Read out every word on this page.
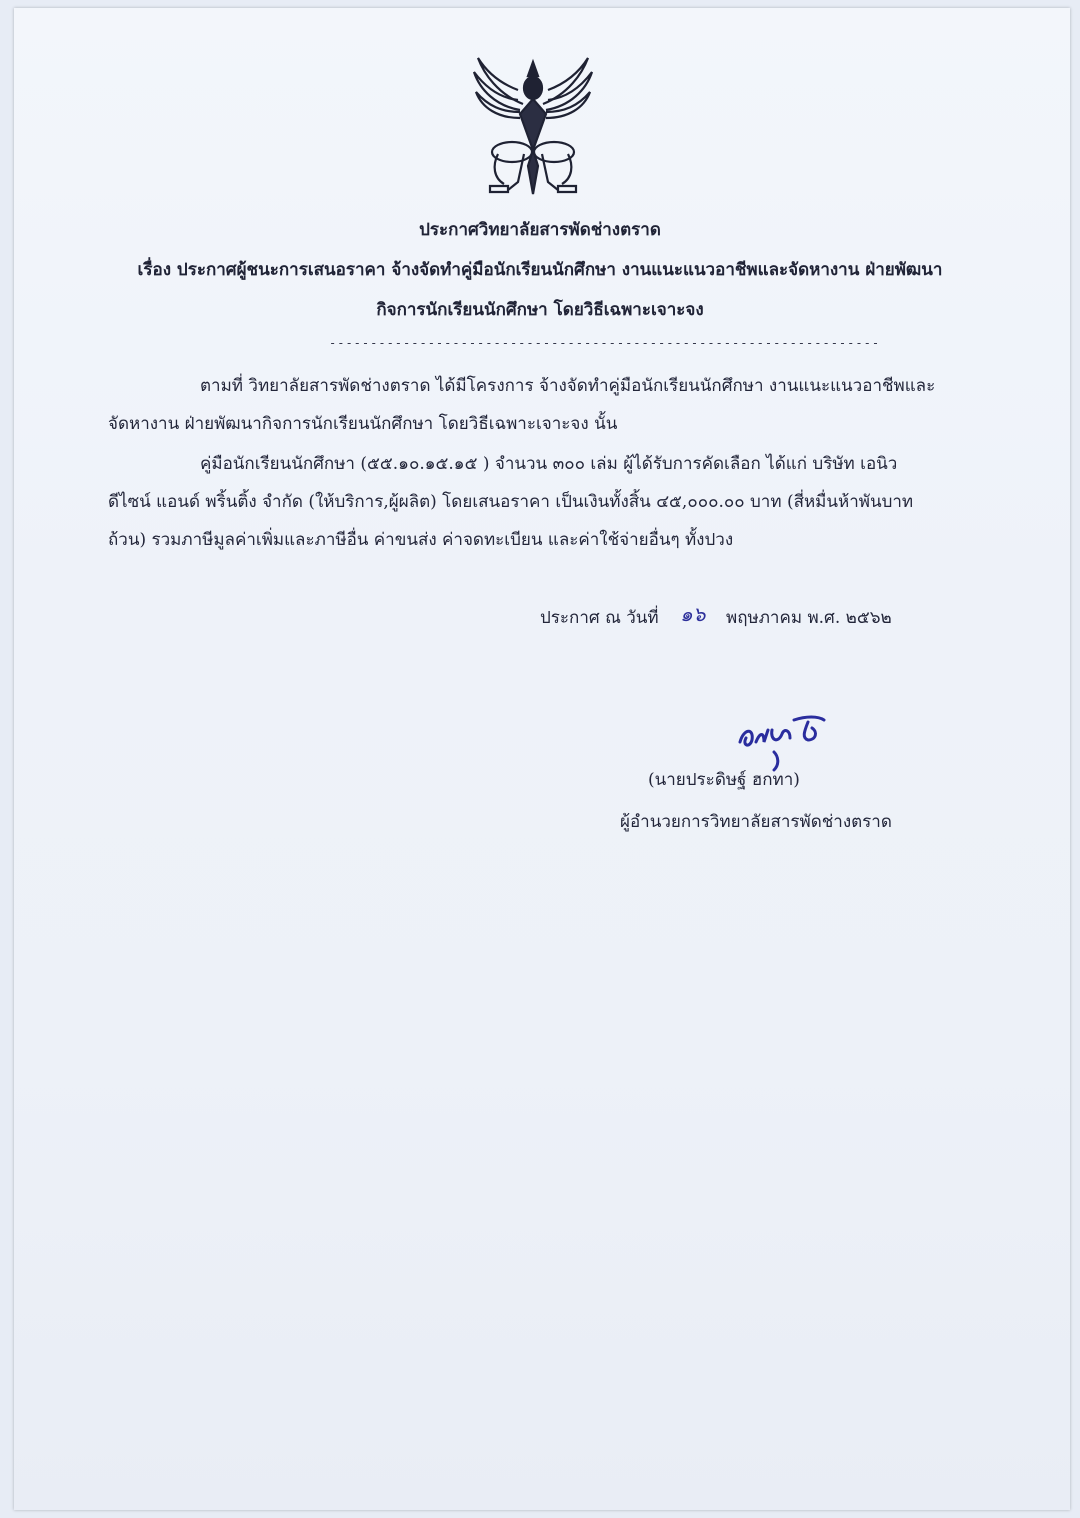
ประกาศวิทยาลัยสารพัดช่างตราด
เรื่อง ประกาศผู้ชนะการเสนอราคา จ้างจัดทำคู่มือนักเรียนนักศึกษา งานแนะแนวอาชีพและจัดหางาน ฝ่ายพัฒนา
กิจการนักเรียนนักศึกษา โดยวิธีเฉพาะเจาะจง
-------------------------------------------------------------------
ตามที่ วิทยาลัยสารพัดช่างตราด ได้มีโครงการ จ้างจัดทำคู่มือนักเรียนนักศึกษา งานแนะแนวอาชีพและ
จัดหางาน ฝ่ายพัฒนากิจการนักเรียนนักศึกษา โดยวิธีเฉพาะเจาะจง นั้น
คู่มือนักเรียนนักศึกษา (๕๕.๑๐.๑๕.๑๕ ) จำนวน ๓๐๐ เล่ม ผู้ได้รับการคัดเลือก ได้แก่ บริษัท เอนิว
ดีไซน์ แอนด์ พริ้นติ้ง จำกัด (ให้บริการ,ผู้ผลิต) โดยเสนอราคา เป็นเงินทั้งสิ้น ๔๕,๐๐๐.๐๐ บาท (สี่หมื่นห้าพันบาท
ถ้วน) รวมภาษีมูลค่าเพิ่มและภาษีอื่น ค่าขนส่ง ค่าจดทะเบียน และค่าใช้จ่ายอื่นๆ ทั้งปวง
ประกาศ ณ วันที่ ๑๖ พฤษภาคม พ.ศ. ๒๕๖๒
(นายประดิษฐ์ ฮกทา)
ผู้อำนวยการวิทยาลัยสารพัดช่างตราด
